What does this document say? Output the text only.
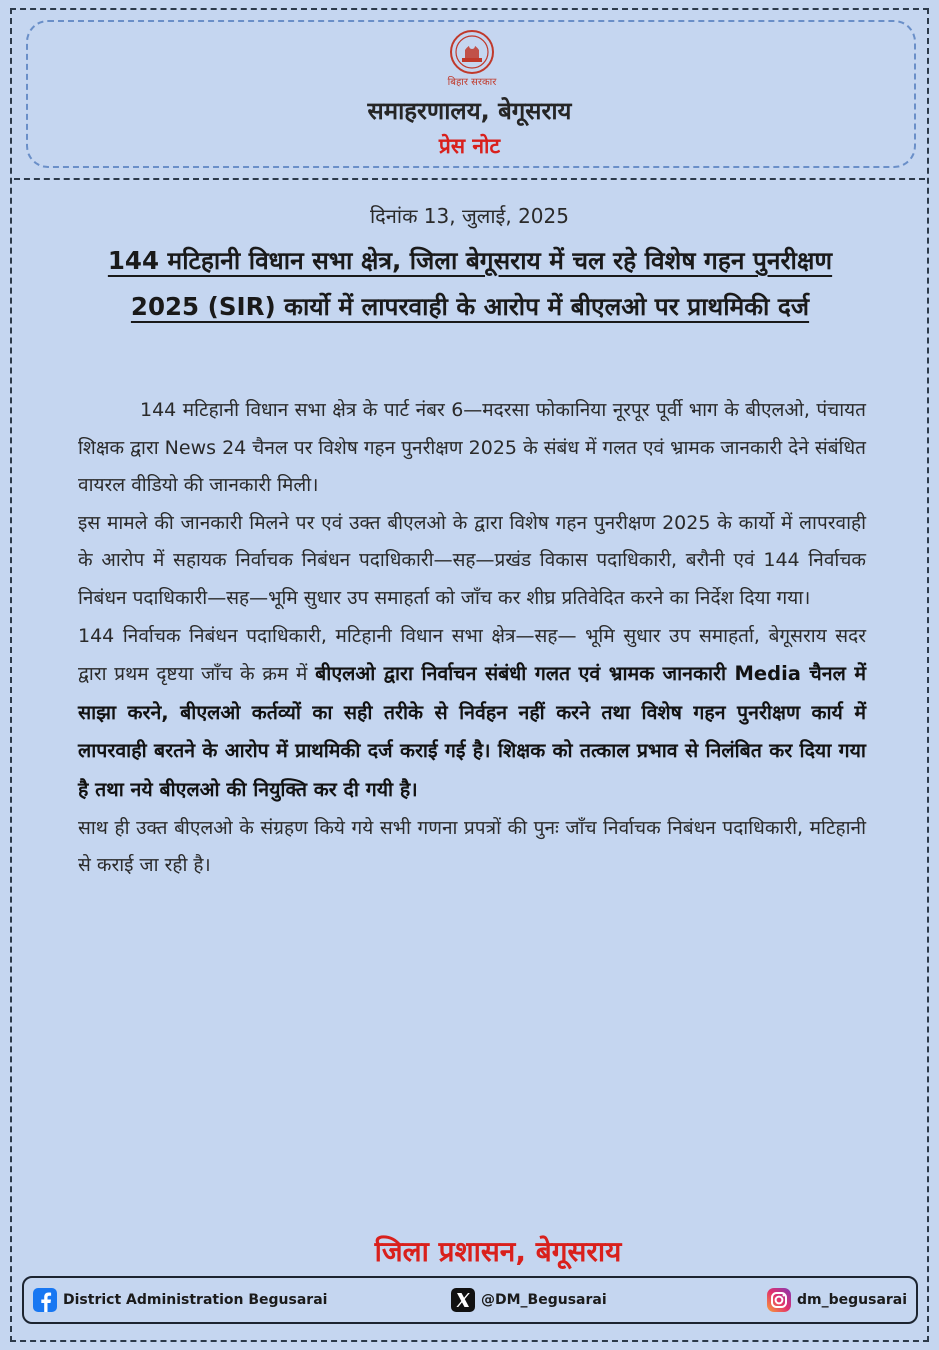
बिहार सरकार
समाहरणालय, बेगूसराय
प्रेस नोट
दिनांक 13, जुलाई, 2025
144 मटिहानी विधान सभा क्षेत्र, जिला बेगूसराय में चल रहे विशेष गहन पुनरीक्षण 2025 (SIR) कार्यो में लापरवाही के आरोप में बीएलओ पर प्राथमिकी दर्ज

144 मटिहानी विधान सभा क्षेत्र के पार्ट नंबर 6—मदरसा फोकानिया नूरपूर पूर्वी भाग के बीएलओ, पंचायत शिक्षक द्वारा News 24 चैनल पर विशेष गहन पुनरीक्षण 2025 के संबंध में गलत एवं भ्रामक जानकारी देने संबंधित वायरल वीडियो की जानकारी मिली।

इस मामले की जानकारी मिलने पर एवं उक्त बीएलओ के द्वारा विशेष गहन पुनरीक्षण 2025 के कार्यो में लापरवाही के आरोप में सहायक निर्वाचक निबंधन पदाधिकारी—सह—प्रखंड विकास पदाधिकारी, बरौनी एवं 144 निर्वाचक निबंधन पदाधिकारी—सह—भूमि सुधार उप समाहर्ता को जाँच कर शीघ्र प्रतिवेदित करने का निर्देश दिया गया।

144 निर्वाचक निबंधन पदाधिकारी, मटिहानी विधान सभा क्षेत्र—सह— भूमि सुधार उप समाहर्ता, बेगूसराय सदर द्वारा प्रथम दृष्टया जाँच के क्रम में बीएलओ द्वारा निर्वाचन संबंधी गलत एवं भ्रामक जानकारी Media चैनल में साझा करने, बीएलओ कर्तव्यों का सही तरीके से निर्वहन नहीं करने तथा विशेष गहन पुनरीक्षण कार्य में लापरवाही बरतने के आरोप में प्राथमिकी दर्ज कराई गई है। शिक्षक को तत्काल प्रभाव से निलंबित कर दिया गया है तथा नये बीएलओ की नियुक्ति कर दी गयी है।

साथ ही उक्त बीएलओ के संग्रहण किये गये सभी गणना प्रपत्रों की पुनः जाँच निर्वाचक निबंधन पदाधिकारी, मटिहानी से कराई जा रही है।

जिला प्रशासन, बेगूसराय
District Administration Begusarai	@DM_Begusarai	dm_begusarai
